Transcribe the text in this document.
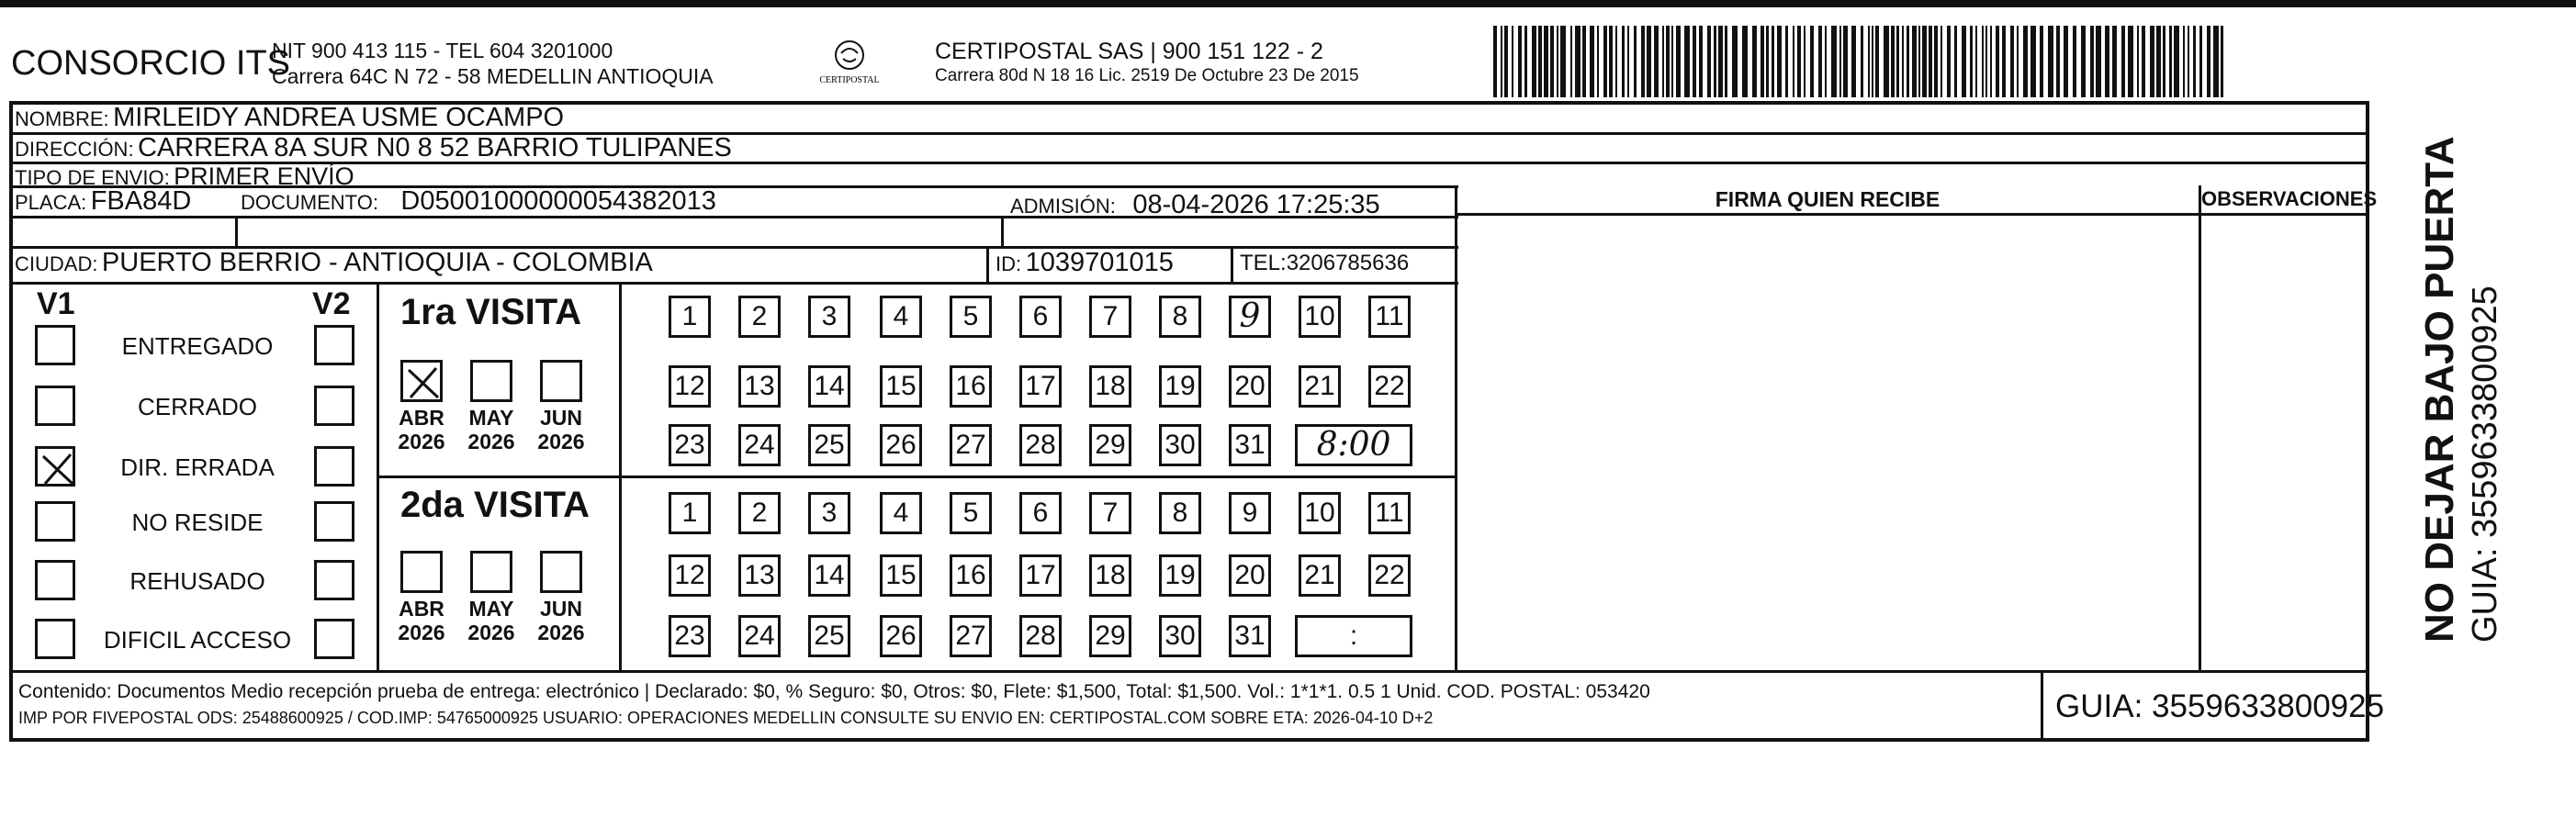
CONSORCIO ITS
NIT 900 413 115 - TEL 604 3201000
Carrera 64C N 72 - 58 MEDELLIN ANTIOQUIA	CERTIPOSTAL
CERTIPOSTAL SAS | 900 151 122 - 2
Carrera 80d N 18 16 Lic. 2519 De Octubre 23 De 2015
NOMBRE: MIRLEIDY ANDREA USME OCAMPO
DIRECCIÓN: CARRERA 8A SUR N0 8 52 BARRIO TULIPANES
TIPO DE ENVIO: PRIMER ENVÍO
PLACA: FBA84D DOCUMENTO: D05001000000054382013	ADMISIÓN: 08-04-2026 17:25:35
CIUDAD: PUERTO BERRIO - ANTIOQUIA - COLOMBIA	ID: 1039701015	TEL:3206785636
FIRMA QUIEN RECIBE	OBSERVACIONES
V1	V2
ENTREGADO
CERRADO
DIR. ERRADA
NO RESIDE
REHUSADO
DIFICIL ACCESO
1ra VISITA
2da VISITA
ABR
2026
MAY
2026
JUN
2026
ABR
2026
MAY
2026
JUN
2026
1	2	3	4	5	6	7	8	9	10 11
12 13 14 15 16 17 18 19 20 21 22
23 24 25 26 27 28 29 30 31	8:00
1	2	3	4	5	6	7	8	9	10 11
12 13 14 15 16 17 18 19 20 21 22
23 24 25 26 27 28 29 30 31	:
Contenido: Documentos Medio recepción prueba de entrega: electrónico | Declarado: $0, % Seguro: $0, Otros: $0, Flete: $1,500, Total: $1,500. Vol.: 1*1*1. 0.5 1 Unid. COD. POSTAL: 053420
IMP POR FIVEPOSTAL ODS: 25488600925 / COD.IMP: 54765000925 USUARIO: OPERACIONES MEDELLIN CONSULTE SU ENVIO EN: CERTIPOSTAL.COM SOBRE ETA: 2026-04-10 D+2	GUIA: 3559633800925
NO DEJAR BAJO PUERTA GUIA: 3559633800925
